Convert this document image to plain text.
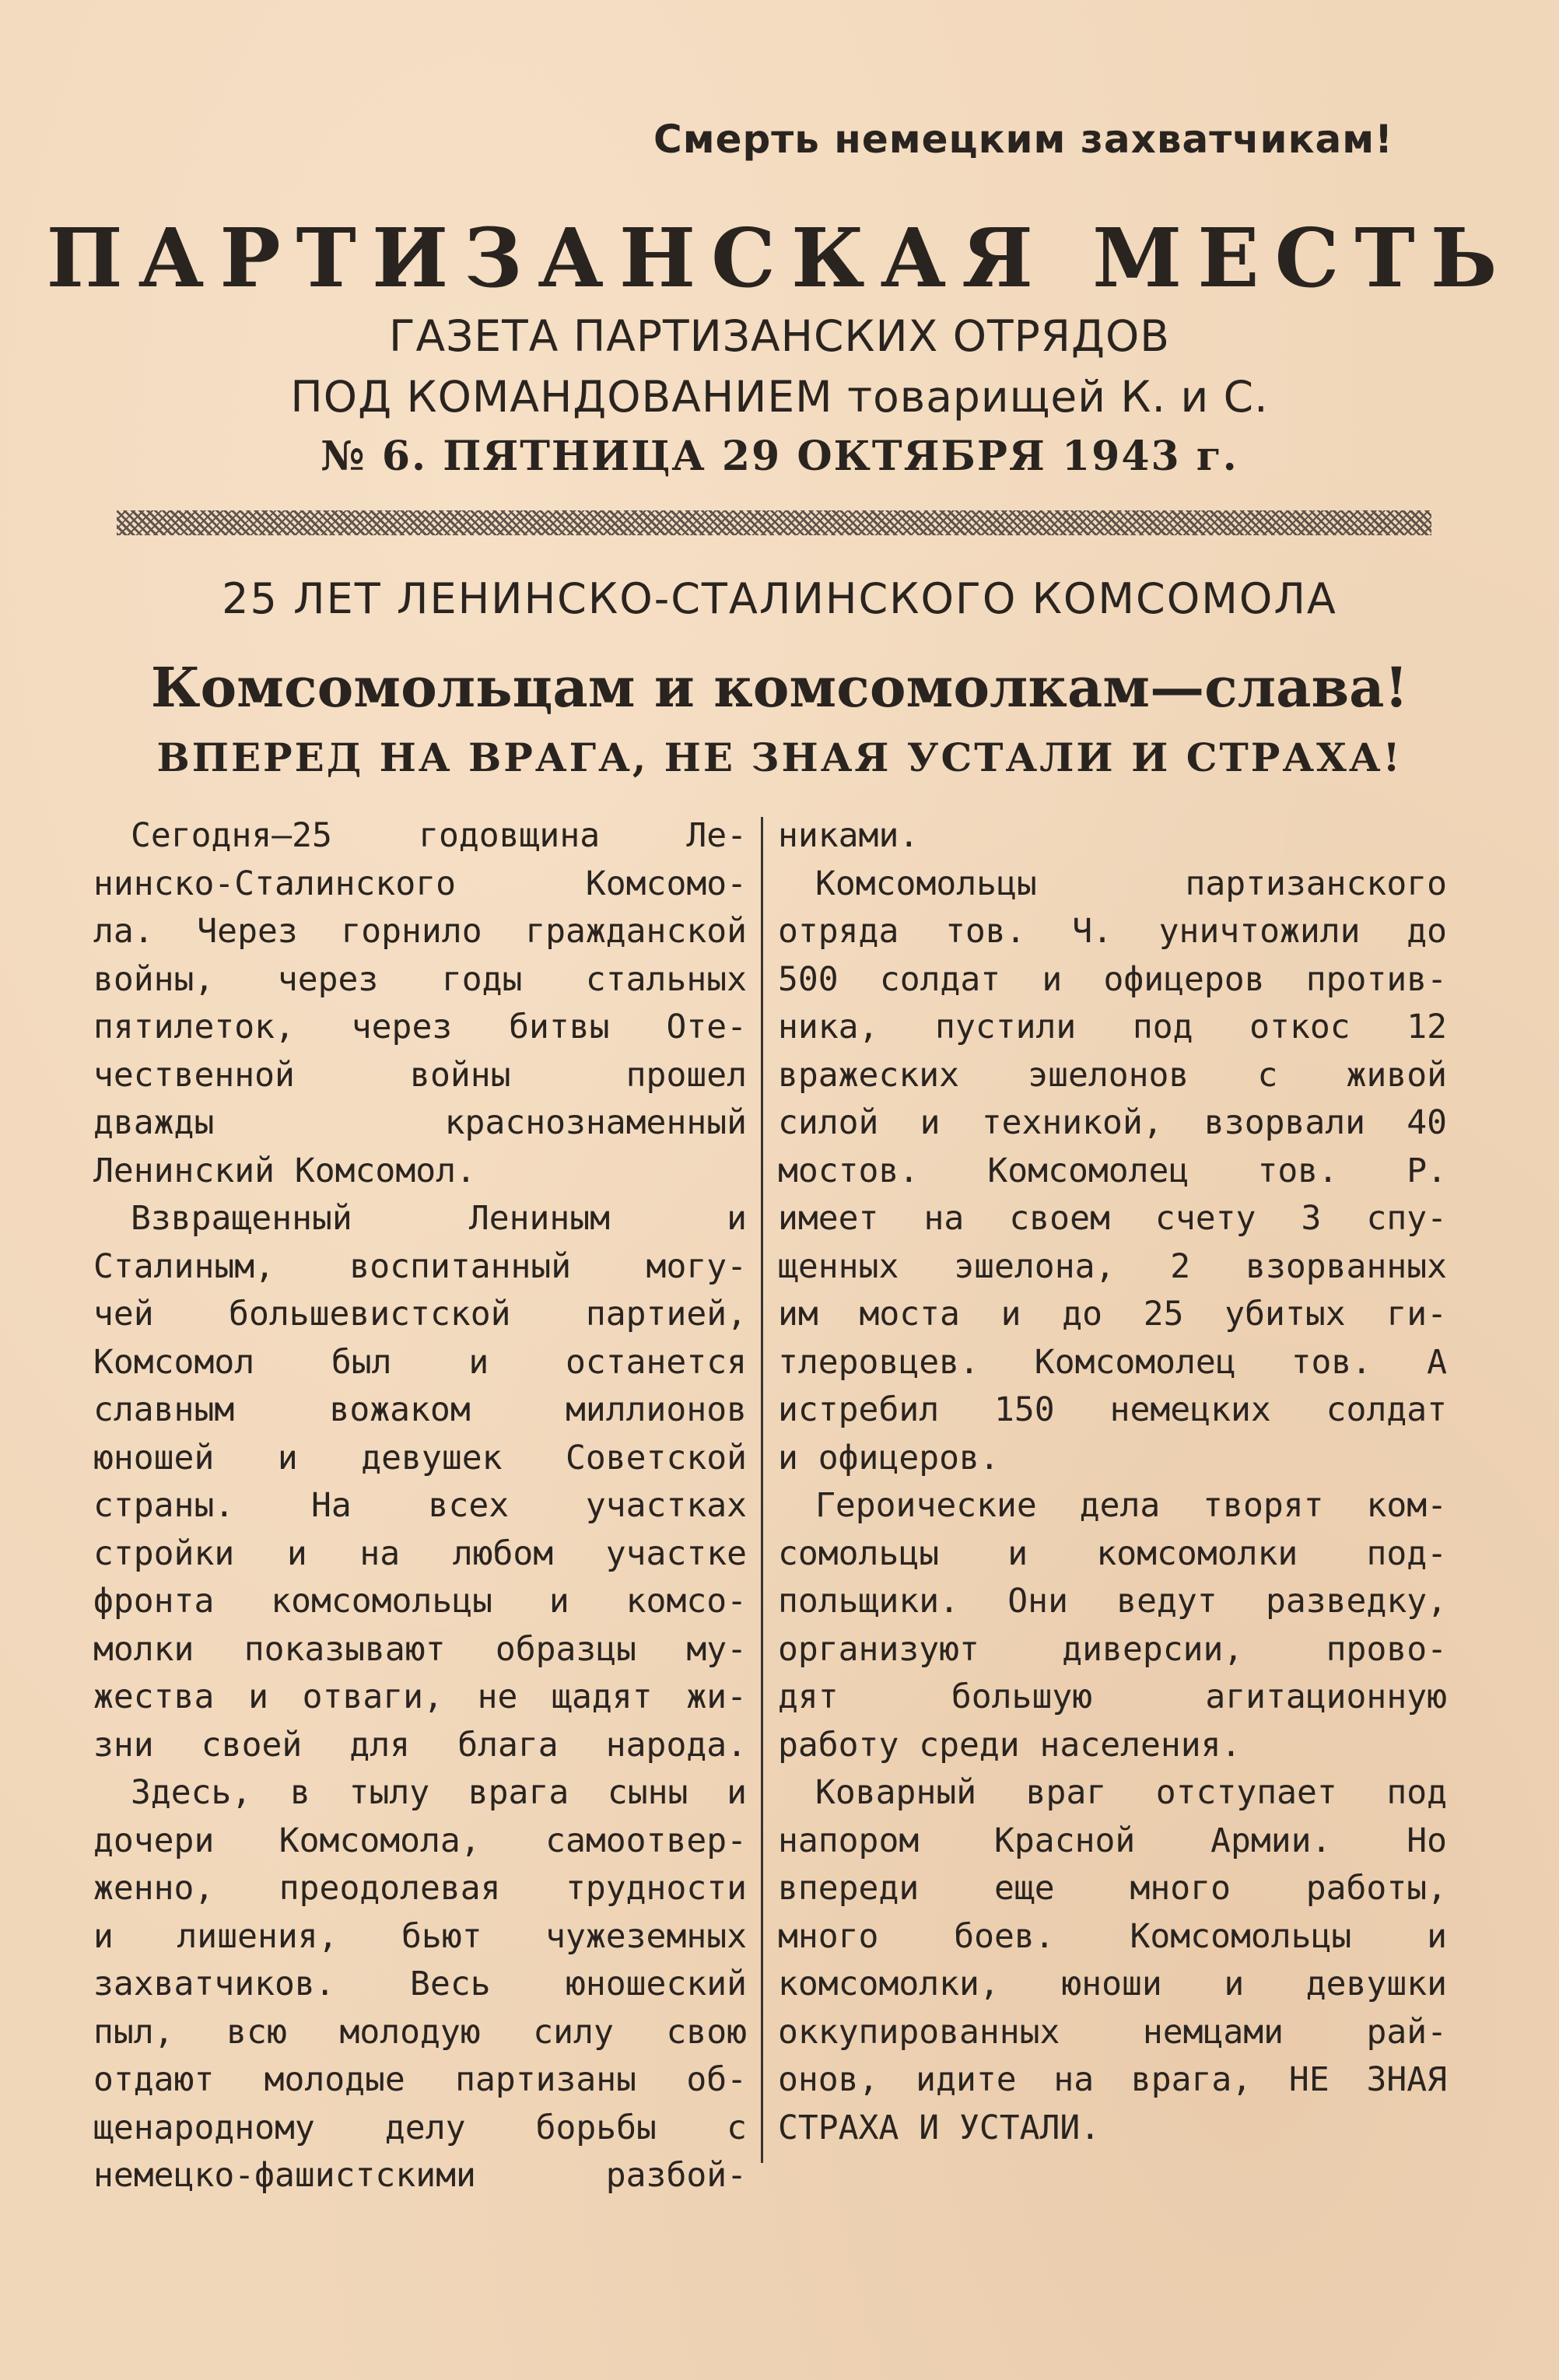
Смерть немецким захватчикам!
ПАРТИЗАНСКАЯ МЕСТЬ
ГАЗЕТА ПАРТИЗАНСКИХ ОТРЯДОВ
ПОД КОМАНДОВАНИЕМ товарищей К. и С.
№ 6. ПЯТНИЦА 29 ОКТЯБРЯ 1943 г.
25 ЛЕТ ЛЕНИНСКО-СТАЛИНСКОГО КОМСОМОЛА
Комсомольцам и комсомолкам—слава!
ВПЕРЕД НА ВРАГА, НЕ ЗНАЯ УСТАЛИ И СТРАХА!
Сегодня—25 годовщина Ле-
нинско-Сталинского Комсомо-
ла. Через горнило гражданской
войны, через годы стальных
пятилеток, через битвы Оте-
чественной войны прошел
дважды краснознаменный
Ленинский Комсомол.
Взвращенный Лениным и
Сталиным, воспитанный могу-
чей большевистской партией,
Комсомол был и останется
славным вожаком миллионов
юношей и девушек Советской
страны. На всех участках
стройки и на любом участке
фронта комсомольцы и комсо-
молки показывают образцы му-
жества и отваги, не щадят жи-
зни своей для блага народа.
Здесь, в тылу врага сыны и
дочери Комсомола, самоотвер-
женно, преодолевая трудности
и лишения, бьют чужеземных
захватчиков. Весь юношеский
пыл, всю молодую силу свою
отдают молодые партизаны об-
щенародному делу борьбы с
немецко-фашистскими разбой-
никами.
Комсомольцы партизанского
отряда тов. Ч. уничтожили до
500 солдат и офицеров против-
ника, пустили под откос 12
вражеских эшелонов с живой
силой и техникой, взорвали 40
мостов. Комсомолец тов. Р.
имеет на своем счету 3 спу-
щенных эшелона, 2 взорванных
им моста и до 25 убитых ги-
тлеровцев. Комсомолец тов. А
истребил 150 немецких солдат
и офицеров.
Героические дела творят ком-
сомольцы и комсомолки под-
польщики. Они ведут разведку,
организуют диверсии, прово-
дят большую агитационную
работу среди населения.
Коварный враг отступает под
напором Красной Армии. Но
впереди еще много работы,
много боев. Комсомольцы и
комсомолки, юноши и девушки
оккупированных немцами рай-
онов, идите на врага, НЕ ЗНАЯ
СТРАХА И УСТАЛИ.
